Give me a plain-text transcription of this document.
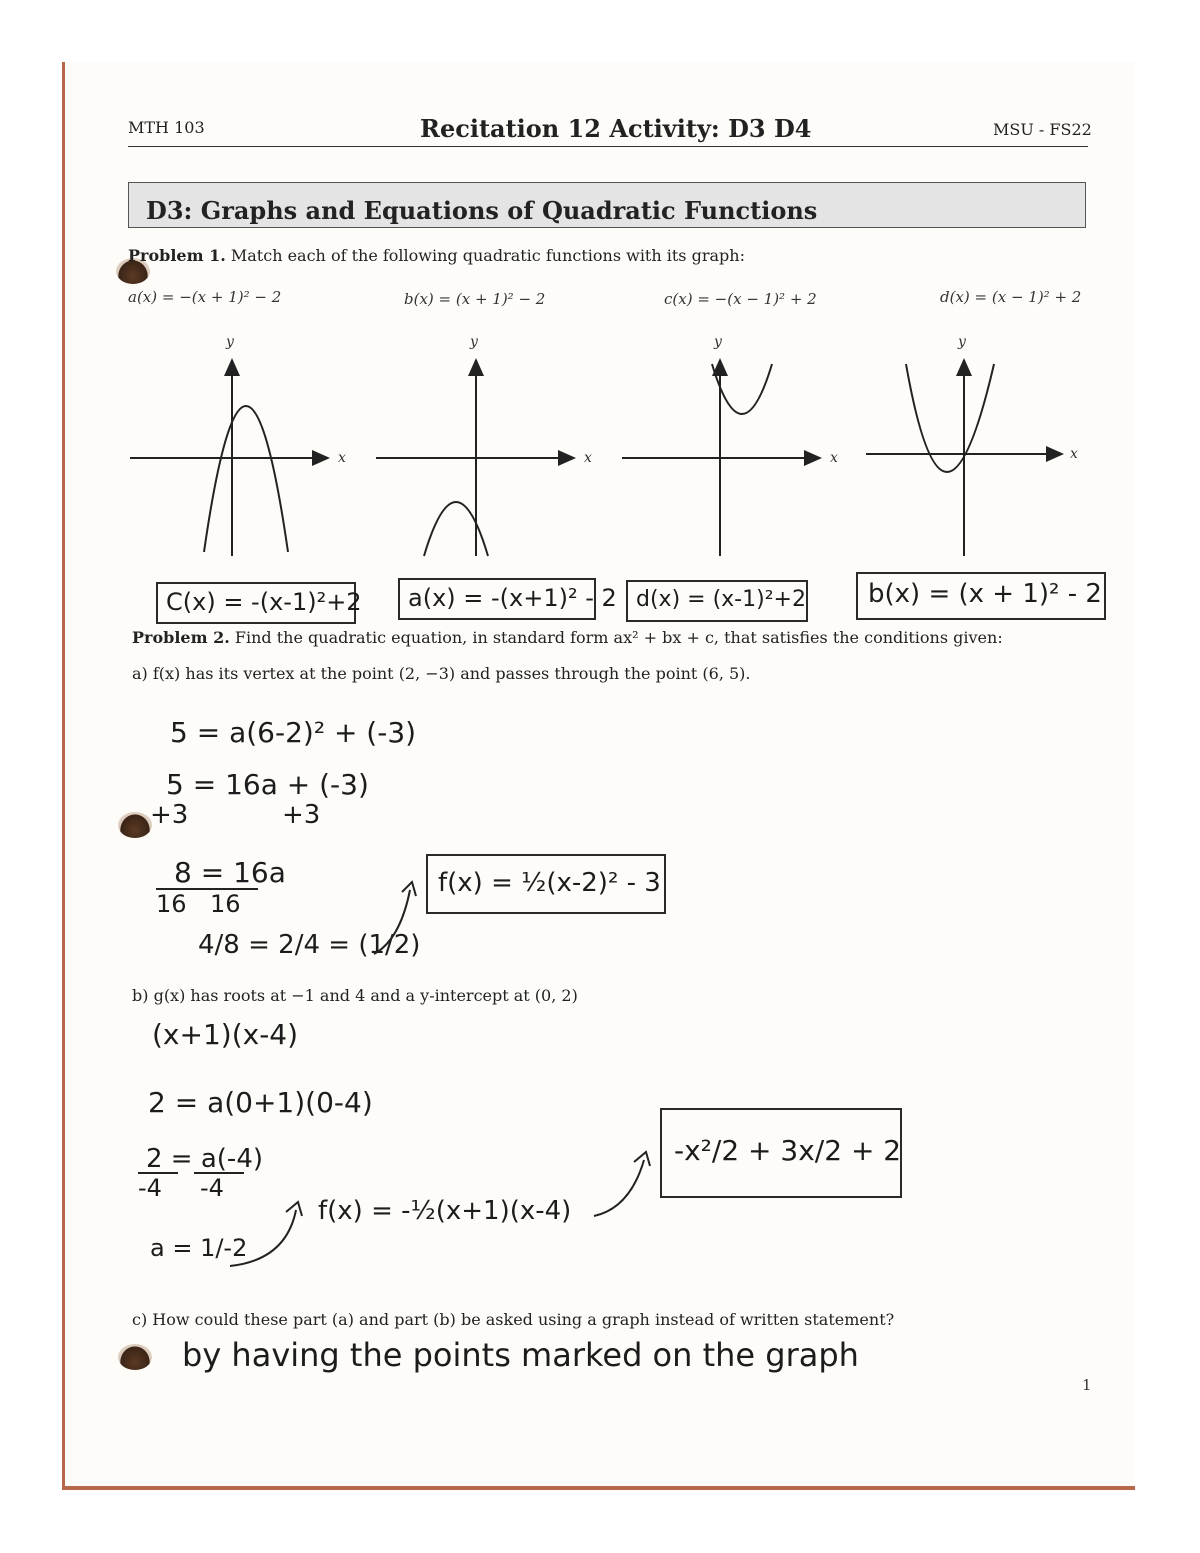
MTH 103	Recitation 12 Activity: D3 D4	MSU - FS22
D3: Graphs and Equations of Quadratic Functions
Problem 1. Match each of the following quadratic functions with its graph:
a(x) = −(x + 1)² − 2	b(x) = (x + 1)² − 2	c(x) = −(x − 1)² + 2	d(x) = (x − 1)² + 2
y
x
y
x
y
x
y
x
C(x) = -(x-1)²+2	a(x) = -(x+1)² - 2 d(x) = (x-1)²+2	b(x) = (x + 1)² - 2
Problem 2. Find the quadratic equation, in standard form ax² + bx + c, that satisfies the conditions given:
a) f(x) has its vertex at the point (2, −3) and passes through the point (6, 5).
5 = a(6-2)² + (-3)
5 = 16a + (-3)
+3	+3
8 = 16a
16 16
4/8 = 2/4 = (1/2)
f(x) = ½(x-2)² - 3
b) g(x) has roots at −1 and 4 and a y-intercept at (0, 2)
(x+1)(x-4)
2 = a(0+1)(0-4)
2 = a(-4)
-4 -4
a = 1/-2
f(x) = -½(x+1)(x-4)
-x²/2 + 3x/2 + 2
c) How could these part (a) and part (b) be asked using a graph instead of written statement?
by having the points marked on the graph
1
